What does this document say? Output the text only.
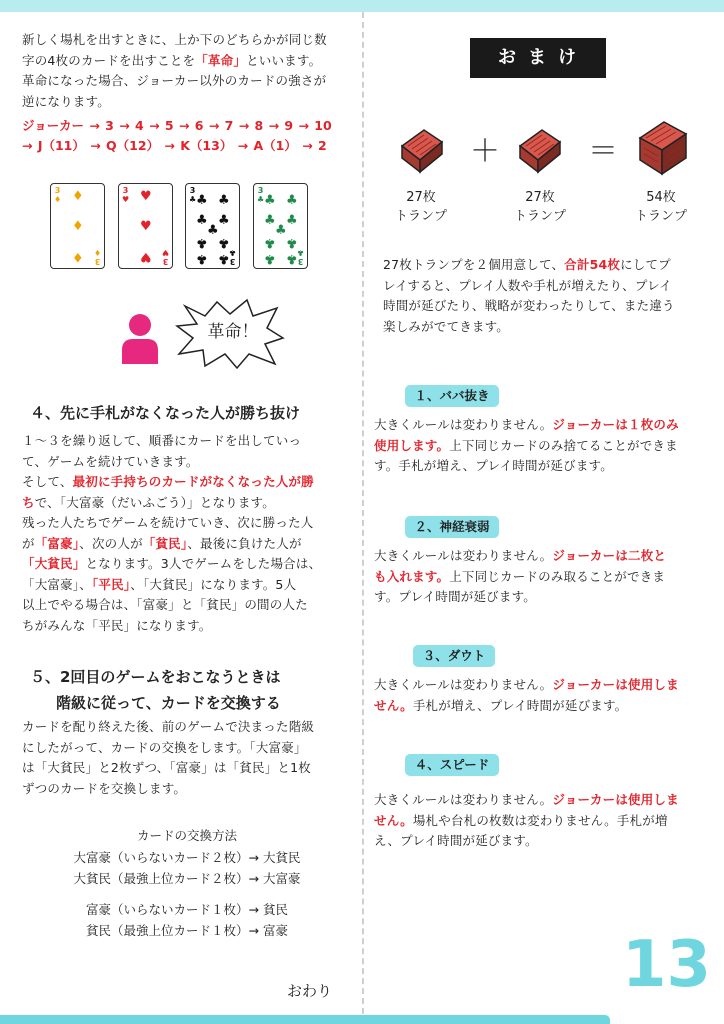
新しく場札を出すときに、上か下のどちらかが同じ数
字の4枚のカードを出すことを「革命」といいます。
革命になった場合、ジョーカー以外のカードの強さが
逆になります。
ジョーカー → 3 → 4 → 5 → 6 → 7 → 8 → 9 → 10
→ J（11） → Q（12） → K（13） → A（1） → 2
3
♦ ♦
♦
♦ 3
♦
3
♥ ♥
♥
♥ 3
♥
3
♣ ♣ ♣
♣ ♣
♣
♣ ♣
♣ ♣ 3
♣
3
♣ ♣ ♣
♣ ♣
♣
♣ ♣
♣ ♣ 3
♣
革命！
４、先に手札がなくなった人が勝ち抜け
１～３を繰り返して、順番にカードを出していっ
て、ゲームを続けていきます。
そして、最初に手持ちのカードがなくなった人が勝
ちで、「大富豪（だいふごう）」となります。
残った人たちでゲームを続けていき、次に勝った人
が「富豪」、次の人が「貧民」、最後に負けた人が
「大貧民」となります。3人でゲームをした場合は、
「大富豪」、「平民」、「大貧民」になります。5人
以上でやる場合は、「富豪」と「貧民」の間の人た
ちがみんな「平民」になります。
５、2回目のゲームをおこなうときは
階級に従って、カードを交換する
カードを配り終えた後、前のゲームで決まった階級
にしたがって、カードの交換をします。「大富豪」
は「大貧民」と2枚ずつ、「富豪」は「貧民」と1枚
ずつのカードを交換します。
カードの交換方法
大富豪（いらないカード２枚）→ 大貧民
大貧民（最強上位カード２枚）→ 大富豪
富豪（いらないカード１枚）→ 貧民
貧民（最強上位カード１枚）→ 富豪
おわり
おまけ
＋	＝
27枚
トランプ
27枚
トランプ
54枚
トランプ
27枚トランプを２個用意して、合計54枚にしてプ
レイすると、プレイ人数や手札が増えたり、プレイ
時間が延びたり、戦略が変わったりして、また違う
楽しみがでてきます。
１、ババ抜き
大きくルールは変わりません。ジョーカーは１枚のみ
使用します。上下同じカードのみ捨てることができま
す。手札が増え、プレイ時間が延びます。
２、神経衰弱
大きくルールは変わりません。ジョーカーは二枚と
も入れます。上下同じカードのみ取ることができま
す。プレイ時間が延びます。
３、ダウト
大きくルールは変わりません。ジョーカーは使用しま
せん。手札が増え、プレイ時間が延びます。
４、スピード
大きくルールは変わりません。ジョーカーは使用しま
せん。場札や台札の枚数は変わりません。手札が増
え、プレイ時間が延びます。
13
